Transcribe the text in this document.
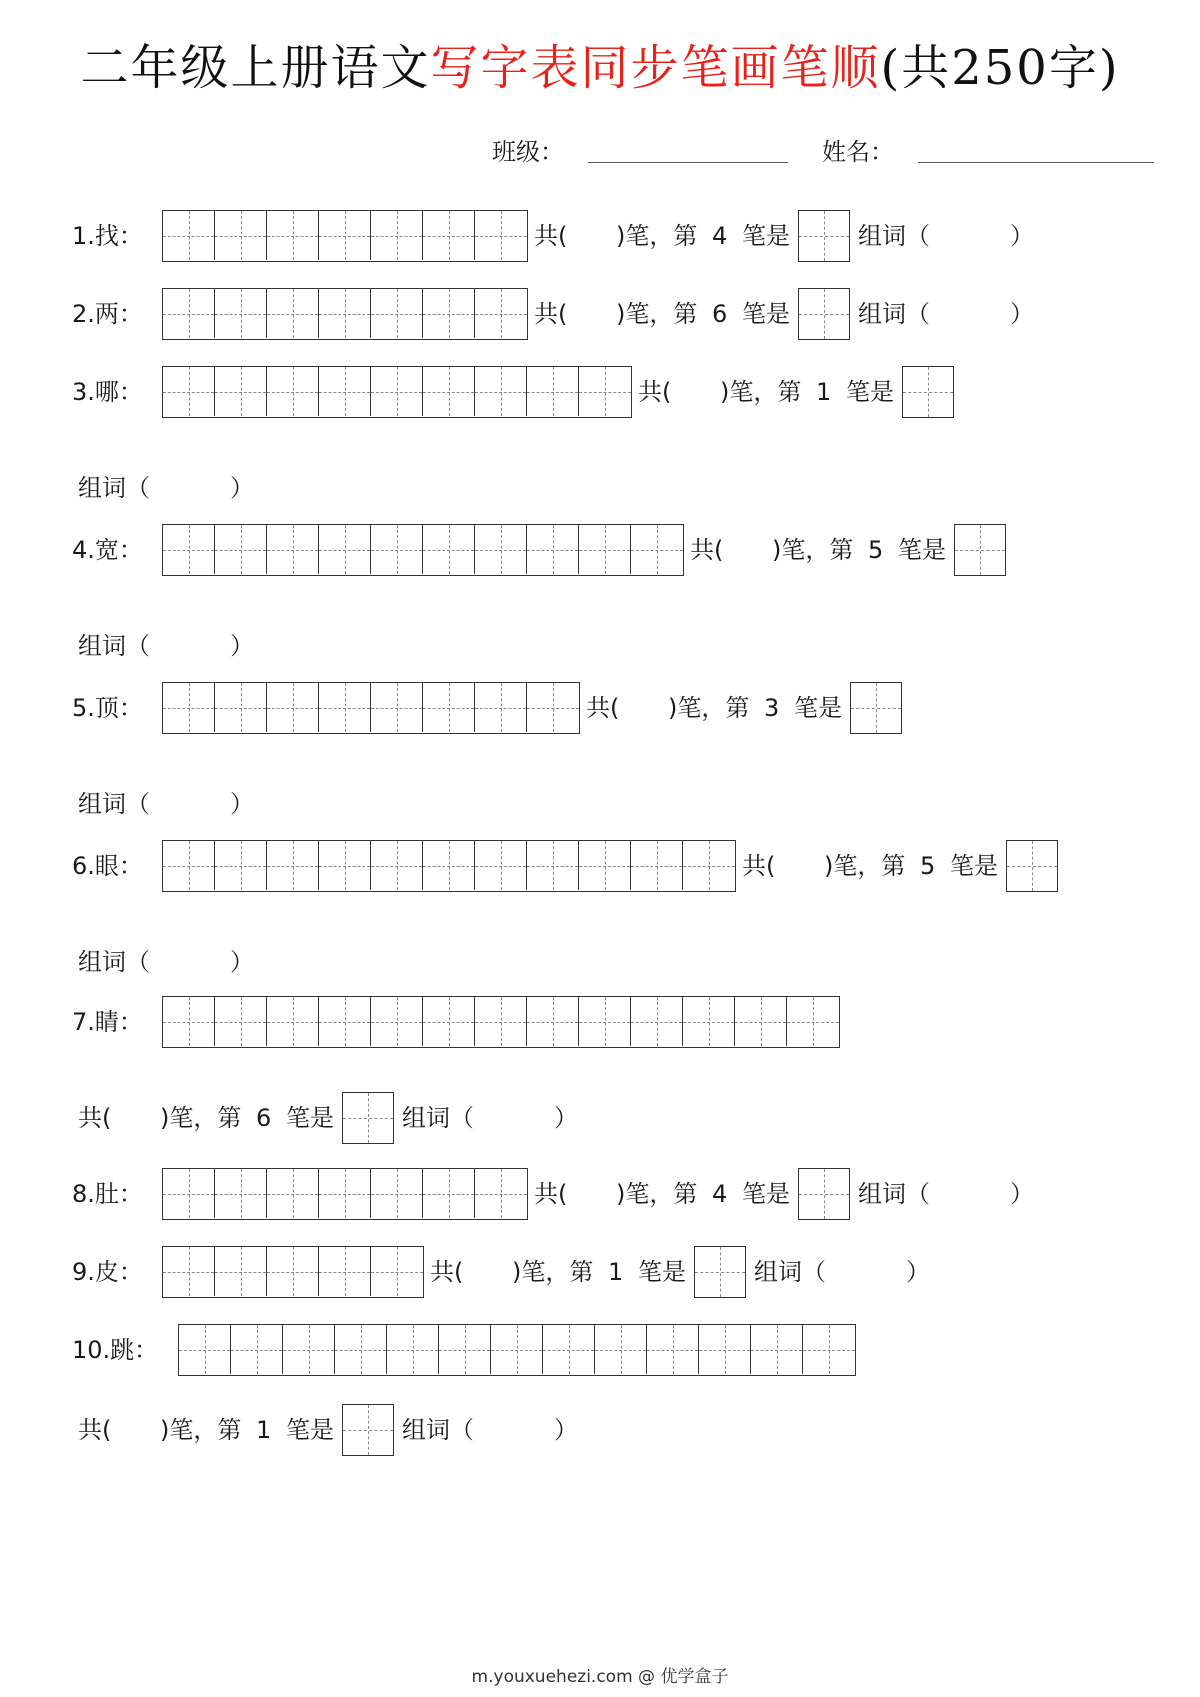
二年级上册语文写字表同步笔画笔顺(共250字)
班级：	姓名：
1.找：	共( )笔，第 4 笔是	组词（	）
2.两：	共( )笔，第 6 笔是	组词（	）
3.哪：	共( )笔，第 1 笔是
组词（	）
4.宽：	共( )笔，第 5 笔是
组词（	）
5.顶：	共( )笔，第 3 笔是
组词（	）
6.眼：	共( )笔，第 5 笔是
组词（	）
7.睛：
共( )笔，第 6 笔是	组词（	）
8.肚：	共( )笔，第 4 笔是	组词（	）
9.皮：	共( )笔，第 1 笔是	组词（	）
10.跳：
共( )笔，第 1 笔是	组词（	）
m.youxuehezi.com @ 优学盒子
